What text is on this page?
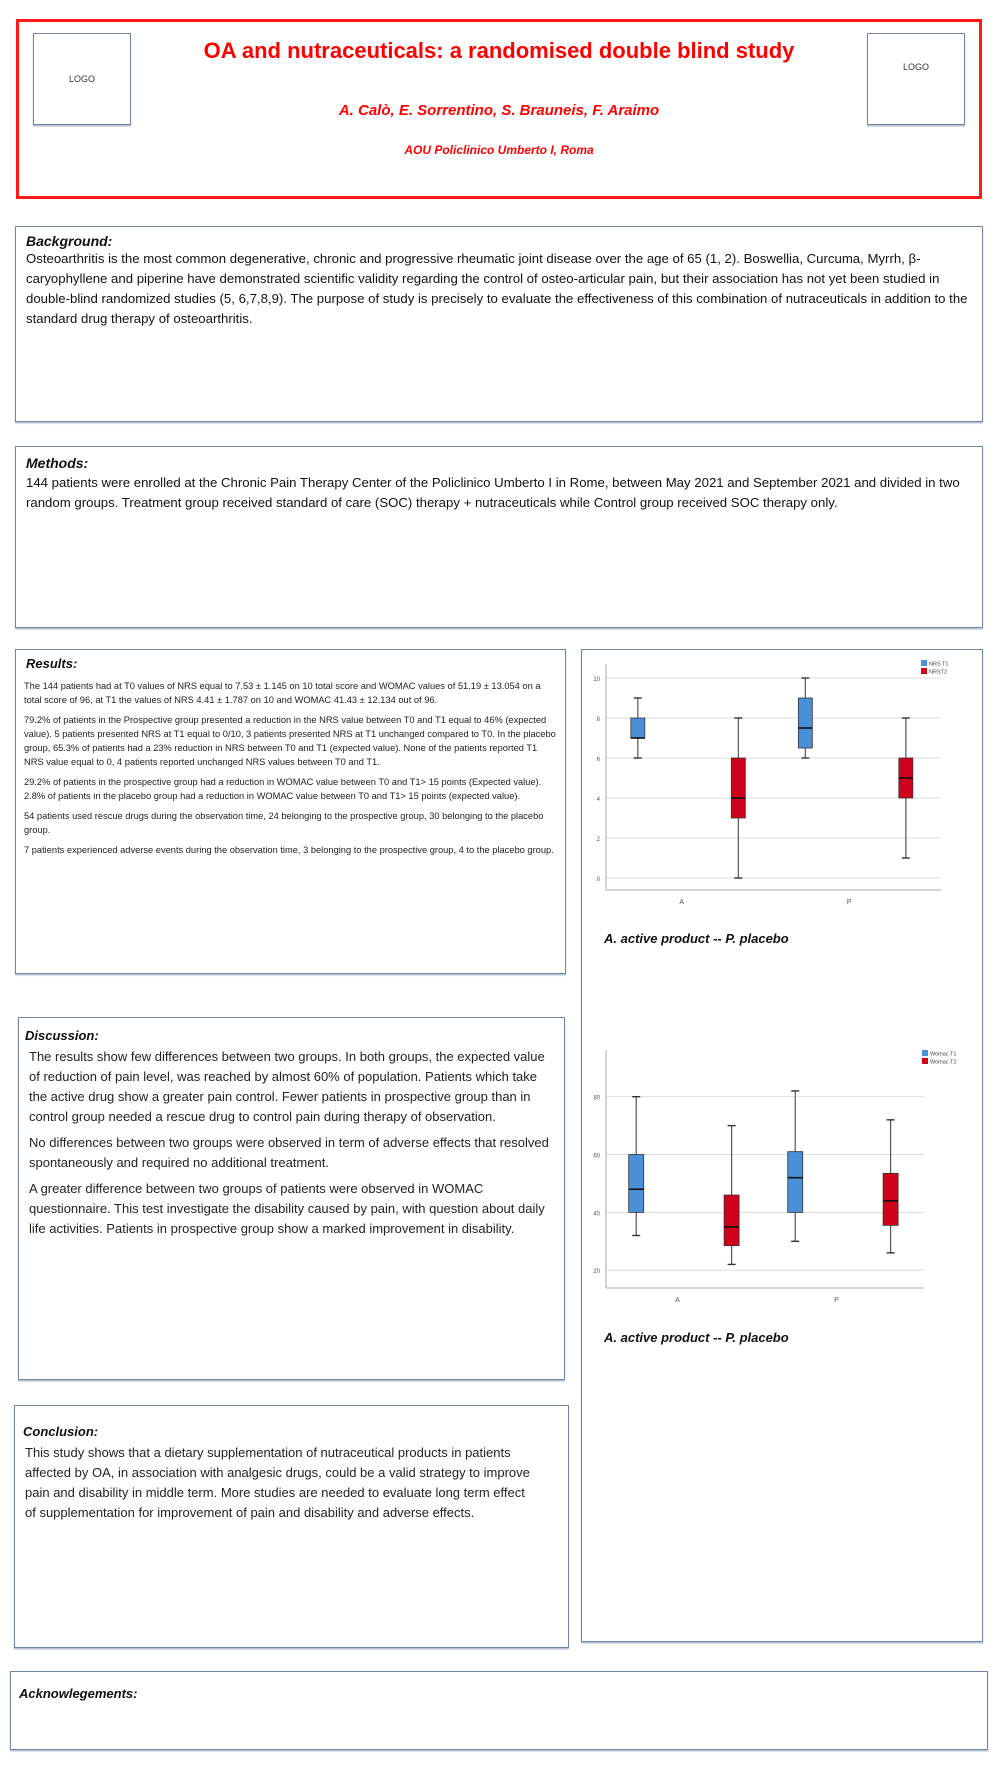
LOGO
OA and nutraceuticals: a randomised double blind study
A. Calò, E. Sorrentino, S. Brauneis, F. Araimo
AOU Policlinico Umberto I, Roma
LOGO
Background:
Osteoarthritis is the most common degenerative, chronic and progressive rheumatic joint disease over the age of 65 (1, 2). Boswellia, Curcuma, Myrrh, β-caryophyllene and piperine have demonstrated scientific validity regarding the control of osteo-articular pain, but their association has not yet been studied in double-blind randomized studies (5, 6,7,8,9). The purpose of study is precisely to evaluate the effectiveness of this combination of nutraceuticals in addition to the standard drug therapy of osteoarthritis.
Methods:
144 patients were enrolled at the Chronic Pain Therapy Center of the Policlinico Umberto I in Rome, between May 2021 and September 2021 and divided in two random groups. Treatment group received standard of care (SOC) therapy + nutraceuticals while Control group received SOC therapy only.
Results:

The 144 patients had at T0 values of NRS equal to 7.53 ± 1.145 on 10 total score and WOMAC values of 51.19 ± 13.054 on a total score of 96, at T1 the values of NRS 4.41 ± 1.787 on 10 and WOMAC 41.43 ± 12.134 out of 96.

79.2% of patients in the Prospective group presented a reduction in the NRS value between T0 and T1 equal to 46% (expected value). 5 patients presented NRS at T1 equal to 0/10, 3 patients presented NRS at T1 unchanged compared to T0. In the placebo group, 65.3% of patients had a 23% reduction in NRS between T0 and T1 (expected value). None of the patients reported T1 NRS value equal to 0, 4 patients reported unchanged NRS values between T0 and T1.

29.2% of patients in the prospective group had a reduction in WOMAC value between T0 and T1> 15 points (Expected value). 2.8% of patients in the placebo group had a reduction in WOMAC value between T0 and T1> 15 points (expected value).

54 patients used rescue drugs during the observation time, 24 belonging to the prospective group, 30 belonging to the placebo group.

7 patients experienced adverse events during the observation time, 3 belonging to the prospective group, 4 to the placebo group.

0
2
4
6
8
10
A	P
NRS T1
NRST2
A. active product -- P. placebo
20
40
60
80
A	P
Womac T1
Womac T2
A. active product -- P. placebo
Discussion:

The results show few differences between two groups. In both groups, the expected value of reduction of pain level, was reached by almost 60% of population. Patients which take the active drug show a greater pain control. Fewer patients in prospective group than in control group needed a rescue drug to control pain during therapy of observation.

No differences between two groups were observed in term of adverse effects that resolved spontaneously and required no additional treatment.

A greater difference between two groups of patients were observed in WOMAC questionnaire. This test investigate the disability caused by pain, with question about daily life activities. Patients in prospective group show a marked improvement in disability.

Conclusion:
This study shows that a dietary supplementation of nutraceutical products in patients affected by OA, in association with analgesic drugs, could be a valid strategy to improve pain and disability in middle term. More studies are needed to evaluate long term effect of supplementation for improvement of pain and disability and adverse effects.
Acknowlegements:
